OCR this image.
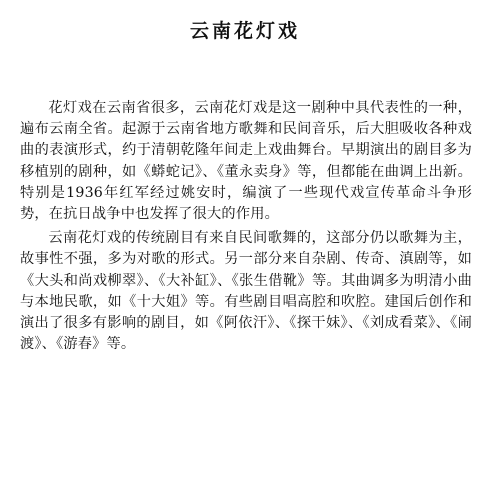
云南花灯戏

花灯戏在云南省很多，云南花灯戏是这一剧种中具代表性的一种，遍布云南全省。起源于云南省地方歌舞和民间音乐，后大胆吸收各种戏曲的表演形式，约于清朝乾隆年间走上戏曲舞台。早期演出的剧目多为移植别的剧种，如《蟒蛇记》、《董永卖身》等，但都能在曲调上出新。特别是1936年红军经过姚安时，编演了一些现代戏宣传革命斗争形势，在抗日战争中也发挥了很大的作用。

云南花灯戏的传统剧目有来自民间歌舞的，这部分仍以歌舞为主，故事性不强，多为对歌的形式。另一部分来自杂剧、传奇、滇剧等，如《大头和尚戏柳翠》、《大补缸》、《张生借靴》等。其曲调多为明清小曲与本地民歌，如《十大姐》等。有些剧目唱高腔和吹腔。建国后创作和演出了很多有影响的剧目，如《阿依汗》、《探干妹》、《刘成看菜》、《闹渡》、《游春》等。
